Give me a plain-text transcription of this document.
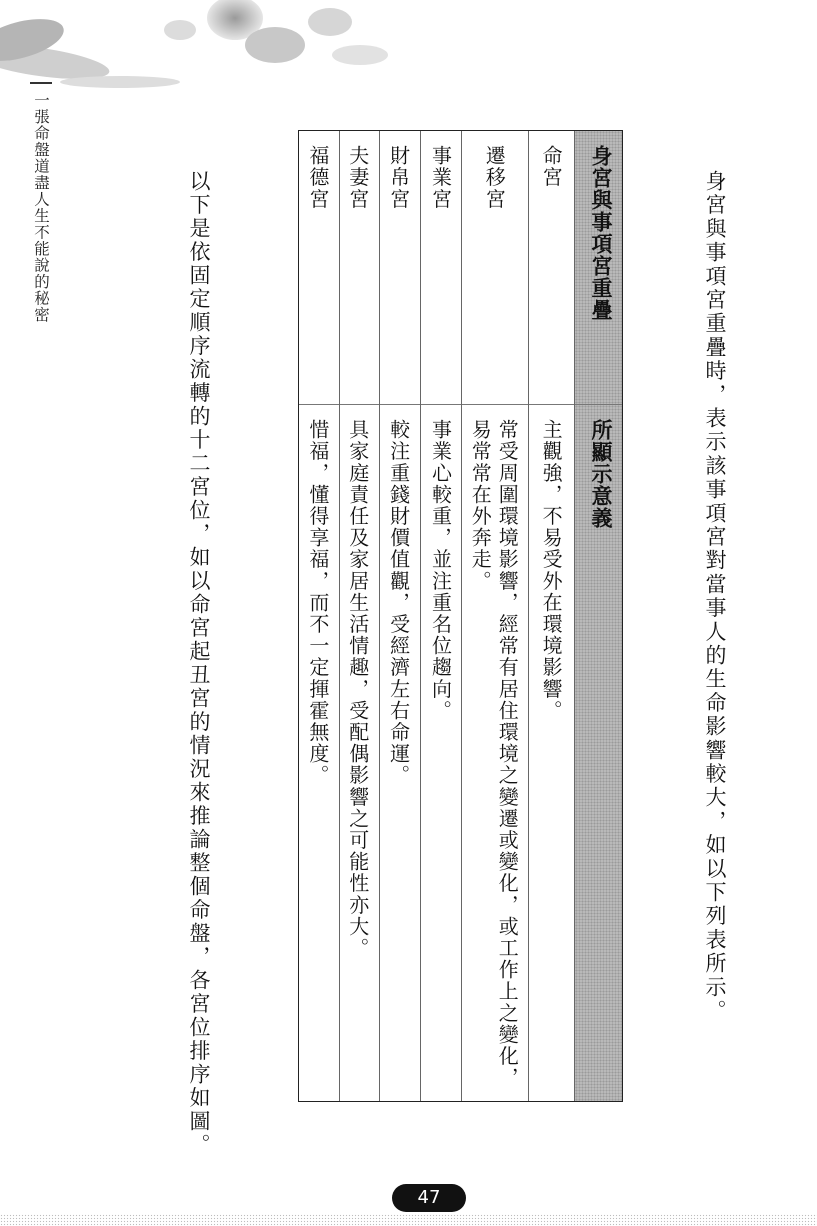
一張命盤道盡人生不能說的秘密	身宮與事項宮重疊時，表示該事項宮對當事人的生命影響較大，如以下列表所示。
身宮與事項宮重疊
所顯示意義
命宮
主觀強，不易受外在環境影響。
遷移宮
常受周圍環境影響，經常有居住環境之變遷或變化，或工作上之變化，
易常常在外奔走。
事業宮
事業心較重，並注重名位趨向。
財帛宮
較注重錢財價值觀，受經濟左右命運。
夫妻宮
具家庭責任及家居生活情趣，受配偶影響之可能性亦大。
福德宮
惜福，懂得享福，而不一定揮霍無度。
以下是依固定順序流轉的十二宮位，如以命宮起丑宮的情況來推論整個命盤，各宮位排序如圖。
47
